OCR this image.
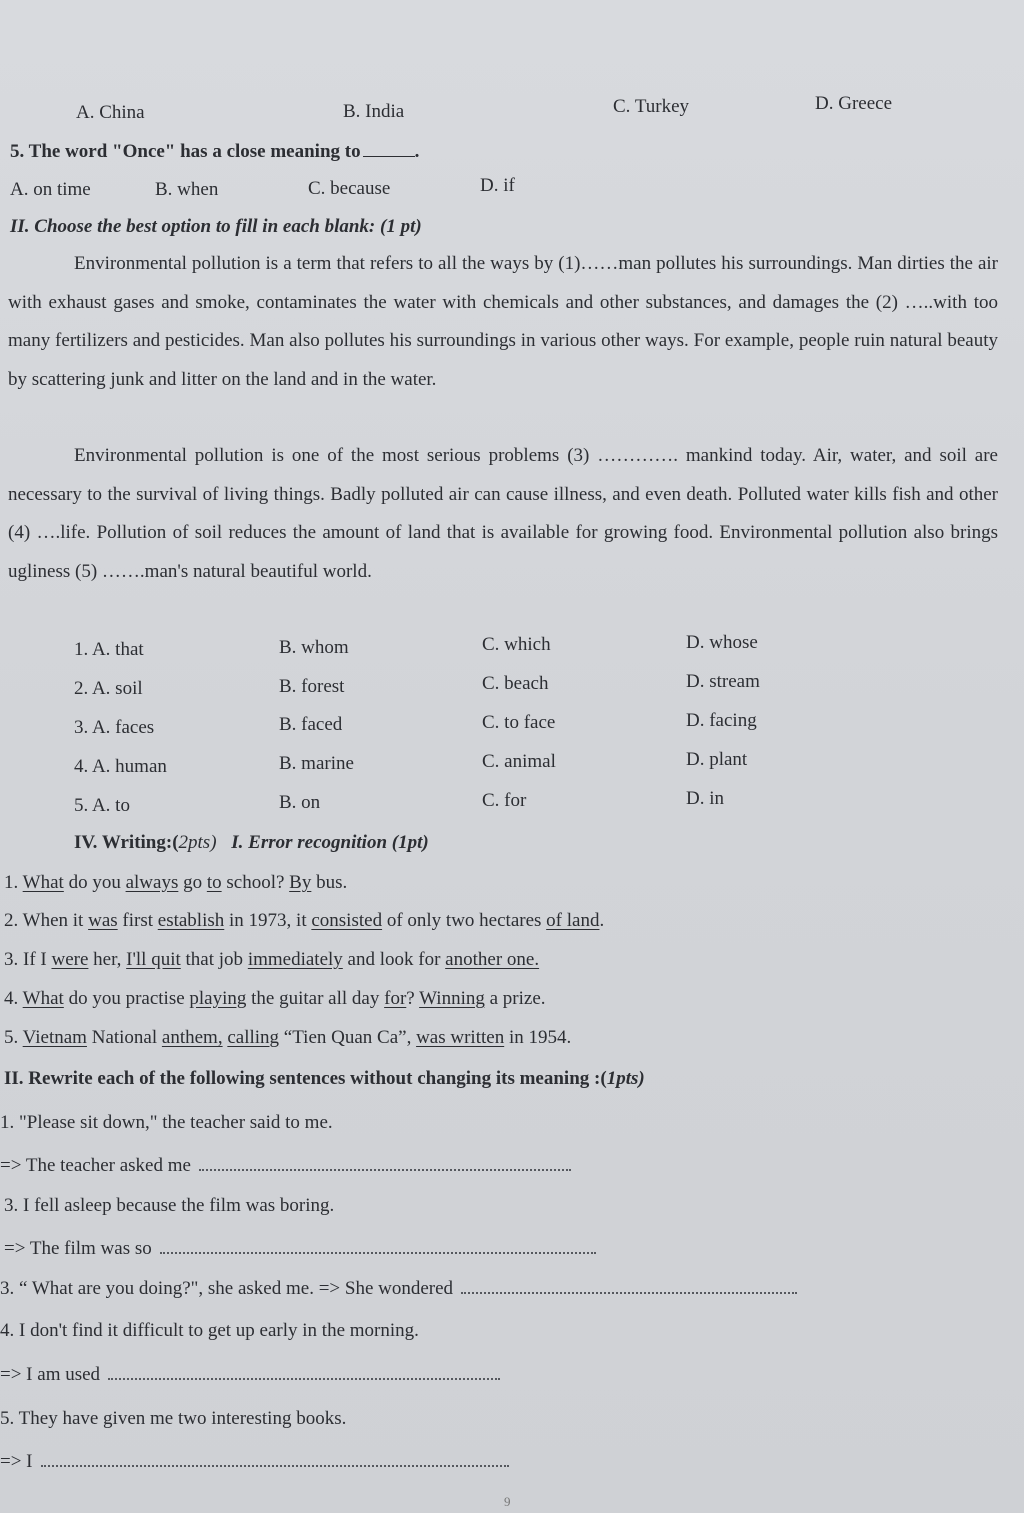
A. China	B. India	C. Turkey	D. Greece
5. The word "Once" has a close meaning to	.
A. on time	B. when	C. because	D. if
II. Choose the best option to fill in each blank: (1 pt)
Environmental pollution is a term that refers to all the ways by (1)……man pollutes his surroundings. Man dirties the air with exhaust gases and smoke, contaminates the water with chemicals and other substances, and damages the (2) …..with too many fertilizers and pesticides. Man also pollutes his surroundings in various other ways. For example, people ruin natural beauty by scattering junk and litter on the land and in the water.
Environmental pollution is one of the most serious problems (3) …………. mankind today. Air, water, and soil are necessary to the survival of living things. Badly polluted air can cause illness, and even death. Polluted water kills fish and other (4) ….life. Pollution of soil reduces the amount of land that is available for growing food. Environmental pollution also brings ugliness (5) …….man's natural beautiful world.
1. A. that	B. whom	C. which	D. whose
2. A. soil	B. forest	C. beach	D. stream
3. A. faces	B. faced	C. to face	D. facing
4. A. human	B. marine	C. animal	D. plant
5. A. to	B. on	C. for	D. in
IV. Writing:(2pts) I. Error recognition (1pt)
1. What do you always go to school? By bus.
2. When it was first establish in 1973, it consisted of only two hectares of land.
3. If I were her, I'll quit that job immediately and look for another one.
4. What do you practise playing the guitar all day for? Winning a prize.
5. Vietnam National anthem, calling “Tien Quan Ca”, was written in 1954.
II. Rewrite each of the following sentences without changing its meaning :(1pts)
1. "Please sit down," the teacher said to me.
=> The teacher asked me
3. I fell asleep because the film was boring.
=> The film was so
3. “ What are you doing?", she asked me. => She wondered
4. I don't find it difficult to get up early in the morning.
=> I am used
5. They have given me two interesting books.
=> I
9
